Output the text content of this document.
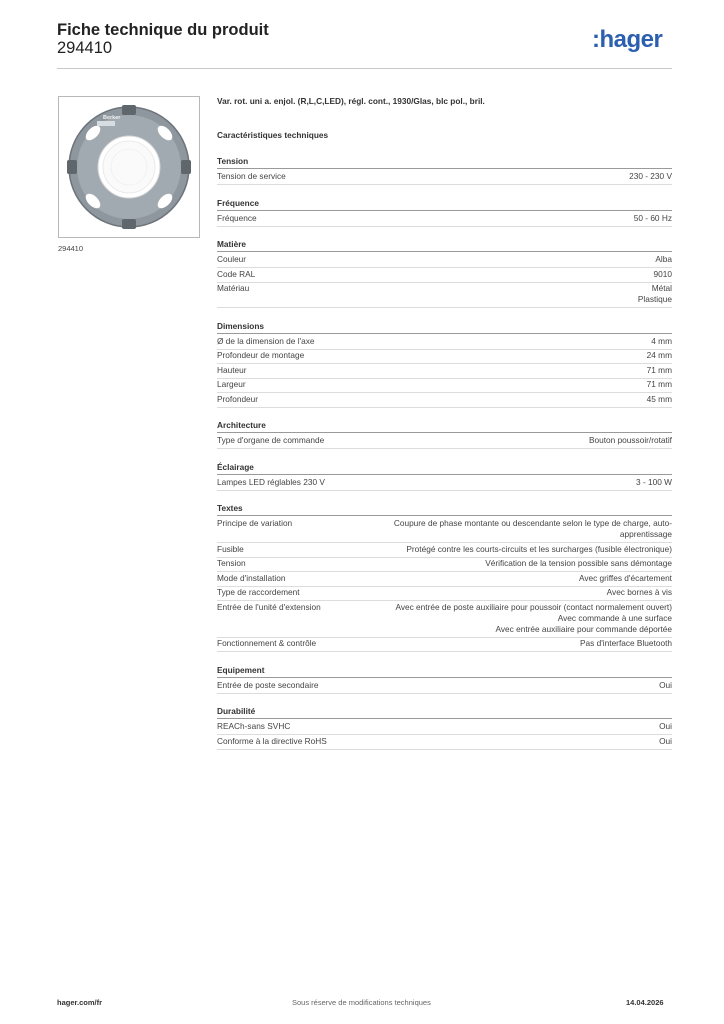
Fiche technique du produit
294410	:hager
Berker
294410
Var. rot. uni a. enjol. (R,L,C,LED), régl. cont., 1930/Glas, blc pol., bril.
Caractéristiques techniques
Tension
Tension de service	230 - 230 V
Fréquence
Fréquence	50 - 60 Hz
Matière
Couleur	Alba
Code RAL	9010
Matériau	Métal
Plastique
Dimensions
Ø de la dimension de l'axe	4 mm
Profondeur de montage	24 mm
Hauteur	71 mm
Largeur	71 mm
Profondeur	45 mm
Architecture
Type d'organe de commande	Bouton poussoir/rotatif
Éclairage
Lampes LED réglables 230 V	3 - 100 W
Textes
Principe de variation	Coupure de phase montante ou descendante selon le type de charge, auto-
apprentissage
Fusible	Protégé contre les courts-circuits et les surcharges (fusible électronique)
Tension	Vérification de la tension possible sans démontage
Mode d'installation	Avec griffes d'écartement
Type de raccordement	Avec bornes à vis
Entrée de l'unité d'extension	Avec entrée de poste auxiliaire pour poussoir (contact normalement ouvert)
Avec commande à une surface
Avec entrée auxiliaire pour commande déportée
Fonctionnement & contrôle	Pas d'interface Bluetooth
Equipement
Entrée de poste secondaire	Oui
Durabilité
REACh-sans SVHC	Oui
Conforme à la directive RoHS	Oui
hager.com/fr	Sous réserve de modifications techniques	14.04.2026
